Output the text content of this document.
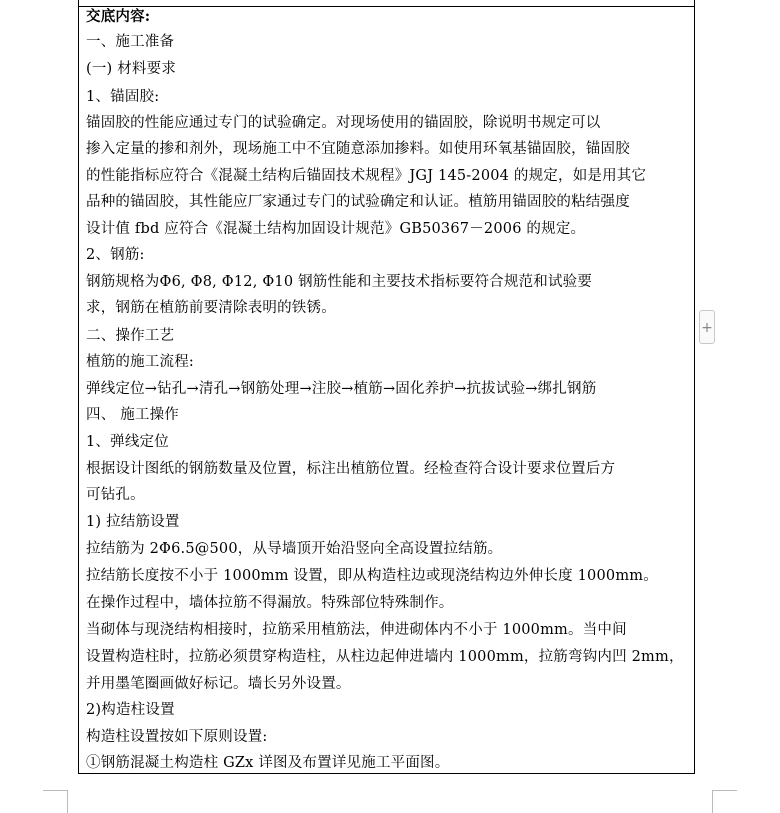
交底内容:
一、施工准备
(一) 材料要求
1、锚固胶:
锚固胶的性能应通过专门的试验确定。对现场使用的锚固胶，除说明书规定可以
掺入定量的掺和剂外，现场施工中不宜随意添加掺料。如使用环氧基锚固胶，锚固胶
的性能指标应符合《混凝土结构后锚固技术规程》JGJ 145-2004 的规定，如是用其它
品种的锚固胶，其性能应厂家通过专门的试验确定和认证。植筋用锚固胶的粘结强度
设计值 fbd 应符合《混凝土结构加固设计规范》GB50367－2006 的规定。
2、钢筋:
钢筋规格为Φ6, Φ8, Φ12, Φ10 钢筋性能和主要技术指标要符合规范和试验要
求，钢筋在植筋前要清除表明的铁锈。
二、操作工艺
植筋的施工流程:
弹线定位→钻孔→清孔→钢筋处理→注胶→植筋→固化养护→抗拔试验→绑扎钢筋
四、 施工操作
1、弹线定位
根据设计图纸的钢筋数量及位置，标注出植筋位置。经检查符合设计要求位置后方
可钻孔。
1) 拉结筋设置
拉结筋为 2Φ6.5@500，从导墙顶开始沿竖向全高设置拉结筋。
拉结筋长度按不小于 1000mm 设置，即从构造柱边或现浇结构边外伸长度 1000mm。
在操作过程中，墙体拉筋不得漏放。特殊部位特殊制作。
当砌体与现浇结构相接时，拉筋采用植筋法，伸进砌体内不小于 1000mm。当中间
设置构造柱时，拉筋必须贯穿构造柱，从柱边起伸进墙内 1000mm，拉筋弯钩内凹 2mm，
并用墨笔圈画做好标记。墙长另外设置。
2)构造柱设置
构造柱设置按如下原则设置:
①钢筋混凝土构造柱 GZx 详图及布置详见施工平面图。
+
